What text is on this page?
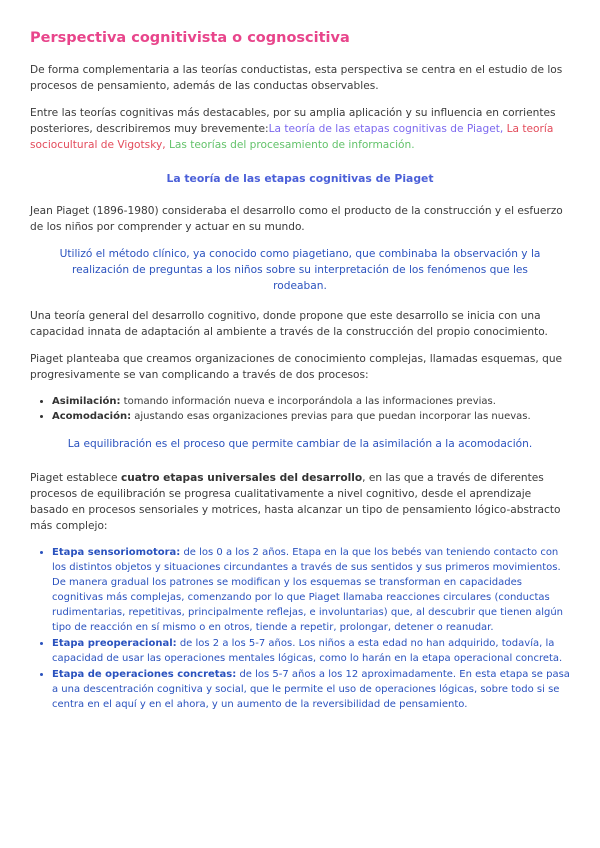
Perspectiva cognitivista o cognoscitiva

De forma complementaria a las teorías conductistas, esta perspectiva se centra en el estudio de los procesos de pensamiento, además de las conductas observables.

Entre las teorías cognitivas más destacables, por su amplia aplicación y su influencia en corrientes posteriores, describiremos muy brevemente:La teoría de las etapas cognitivas de Piaget, La teoría sociocultural de Vigotsky, Las teorías del procesamiento de información.

La teoría de las etapas cognitivas de Piaget

Jean Piaget (1896-1980) consideraba el desarrollo como el producto de la construcción y el esfuerzo de los niños por comprender y actuar en su mundo.

Utilizó el método clínico, ya conocido como piagetiano, que combinaba la observación y la realización de preguntas a los niños sobre su interpretación de los fenómenos que les rodeaban.

Una teoría general del desarrollo cognitivo, donde propone que este desarrollo se inicia con una capacidad innata de adaptación al ambiente a través de la construcción del propio conocimiento.

Piaget planteaba que creamos organizaciones de conocimiento complejas, llamadas esquemas, que progresivamente se van complicando a través de dos procesos:

• Asimilación: tomando información nueva e incorporándola a las informaciones previas.
• Acomodación: ajustando esas organizaciones previas para que puedan incorporar las nuevas.

La equilibración es el proceso que permite cambiar de la asimilación a la acomodación.

Piaget establece cuatro etapas universales del desarrollo, en las que a través de diferentes procesos de equilibración se progresa cualitativamente a nivel cognitivo, desde el aprendizaje basado en procesos sensoriales y motrices, hasta alcanzar un tipo de pensamiento lógico-abstracto más complejo:

• Etapa sensoriomotora: de los 0 a los 2 años. Etapa en la que los bebés van teniendo contacto con los distintos objetos y situaciones circundantes a través de sus sentidos y sus primeros movimientos. De manera gradual los patrones se modifican y los esquemas se transforman en capacidades cognitivas más complejas, comenzando por lo que Piaget llamaba reacciones circulares (conductas rudimentarias, repetitivas, principalmente reflejas, e involuntarias) que, al descubrir que tienen algún tipo de reacción en sí mismo o en otros, tiende a repetir, prolongar, detener o reanudar.
• Etapa preoperacional: de los 2 a los 5-7 años. Los niños a esta edad no han adquirido, todavía, la capacidad de usar las operaciones mentales lógicas, como lo harán en la etapa operacional concreta.
• Etapa de operaciones concretas: de los 5-7 años a los 12 aproximadamente. En esta etapa se pasa a una descentración cognitiva y social, que le permite el uso de operaciones lógicas, sobre todo si se centra en el aquí y en el ahora, y un aumento de la reversibilidad de pensamiento.
